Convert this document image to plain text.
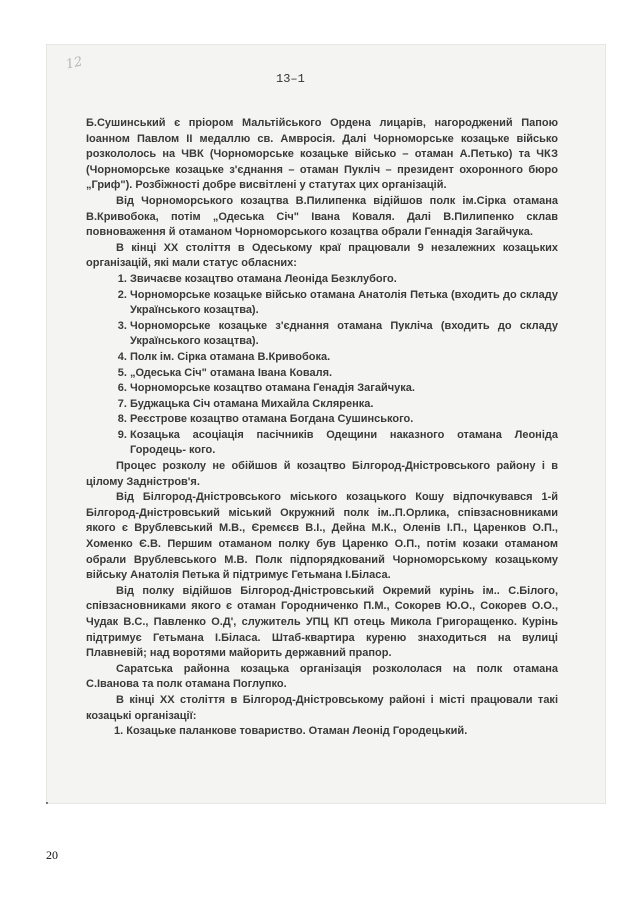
12
13–1

Б.Сушинський є пріором Мальтійського Ордена лицарів, нагороджений Папою Іоанном Павлом ІІ медаллю св. Амвросія. Далі Чорноморське козацьке військо розкололось на ЧВК (Чорноморське козацьке військо – отаман А.Петько) та ЧКЗ (Чорноморське козацьке з'єднання – отаман Пукліч – президент охоронного бюро „Гриф"). Розбіжності добре висвітлені у статутах цих організацій.

Від Чорноморського козацтва В.Пилипенка відійшов полк ім.Сірка отамана В.Кривобока, потім „Одеська Січ" Івана Коваля. Далі В.Пилипенко склав повноваження й отаманом Чорноморського козацтва обрали Геннадія Загайчука.

В кінці ХХ століття в Одеському краї працювали 9 незалежних козацьких організацій, які мали статус обласних:

1. Звичаєве козацтво отамана Леоніда Безклубого.
2. Чорноморське козацьке військо отамана Анатолія Петька (входить до складу Українського козацтва).
3. Чорноморське козацьке з'єднання отамана Пукліча (входить до складу Українського козацтва).
4. Полк ім. Сірка отамана В.Кривобока.
5. „Одеська Січ" отамана Івана Коваля.
6. Чорноморське козацтво отамана Генадія Загайчука.
7. Буджацька Січ отамана Михайла Скляренка.
8. Реєстрове козацтво отамана Богдана Сушинського.
9. Козацька асоціація пасічників Одещини наказного отамана Леоніда Городець- кого.

Процес розколу не обійшов й козацтво Білгород-Дністровського району і в цілому Задністров'я.

Від Білгород-Дністровського міського козацького Кошу відпочкувався 1-й Білгород-Дністровський міський Окружний полк ім..П.Орлика, співзасновниками якого є Врублевський М.В., Єремєєв В.І., Дейна М.К., Оленів І.П., Царенков О.П., Хоменко Є.В. Першим отаманом полку був Царенко О.П., потім козаки отаманом обрали Врублевського М.В. Полк підпорядкований Чорноморському козацькому війську Анатолія Петька й підтримує Гетьмана І.Біласа.

Від полку відійшов Білгород-Дністровський Окремий курінь ім.. С.Білого, співзасновниками якого є отаман Городниченко П.М., Сокорев Ю.О., Сокорев О.О., Чудак В.С., Павленко О.Д', служитель УПЦ КП отець Микола Григоращенко. Курінь підтримує Гетьмана І.Біласа. Штаб-квартира куреню знаходиться на вулиці Плавневій; над воротями майорить державний прапор.

Саратська районна козацька організація розкололася на полк отамана С.Іванова та полк отамана Поглупко.

В кінці ХХ століття в Білгород-Дністровському районі і місті працювали такі козацькі організації:

1. Козацьке паланкове товариство. Отаман Леонід Городецький.

20
